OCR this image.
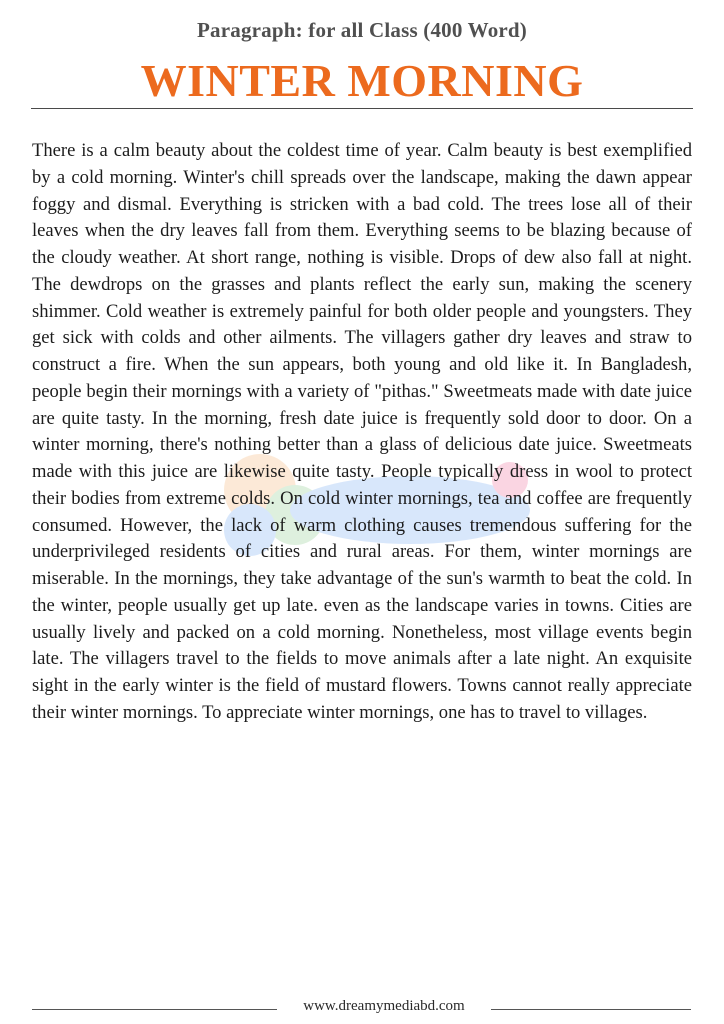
Paragraph: for all Class (400 Word)
WINTER MORNING

There is a calm beauty about the coldest time of year. Calm beauty is best exemplified by a cold morning. Winter's chill spreads over the landscape, making the dawn appear foggy and dismal. Everything is stricken with a bad cold. The trees lose all of their leaves when the dry leaves fall from them. Everything seems to be blazing because of the cloudy weather. At short range, nothing is visible. Drops of dew also fall at night. The dewdrops on the grasses and plants reflect the early sun, making the scenery shimmer. Cold weather is extremely painful for both older people and youngsters. They get sick with colds and other ailments. The villagers gather dry leaves and straw to construct a fire. When the sun appears, both young and old like it. In Bangladesh, people begin their mornings with a variety of "pithas." Sweetmeats made with date juice are quite tasty. In the morning, fresh date juice is frequently sold door to door. On a winter morning, there's nothing better than a glass of delicious date juice. Sweetmeats made with this juice are likewise quite tasty. People typically dress in wool to protect their bodies from extreme colds. On cold winter mornings, tea and coffee are frequently consumed. However, the lack of warm clothing causes tremendous suffering for the underprivileged residents of cities and rural areas. For them, winter mornings are miserable. In the mornings, they take advantage of the sun's warmth to beat the cold. In the winter, people usually get up late. even as the landscape varies in towns. Cities are usually lively and packed on a cold morning. Nonetheless, most village events begin late. The villagers travel to the fields to move animals after a late night. An exquisite sight in the early winter is the field of mustard flowers. Towns cannot really appreciate their winter mornings. To appreciate winter mornings, one has to travel to villages.

www.dreamymediabd.com
